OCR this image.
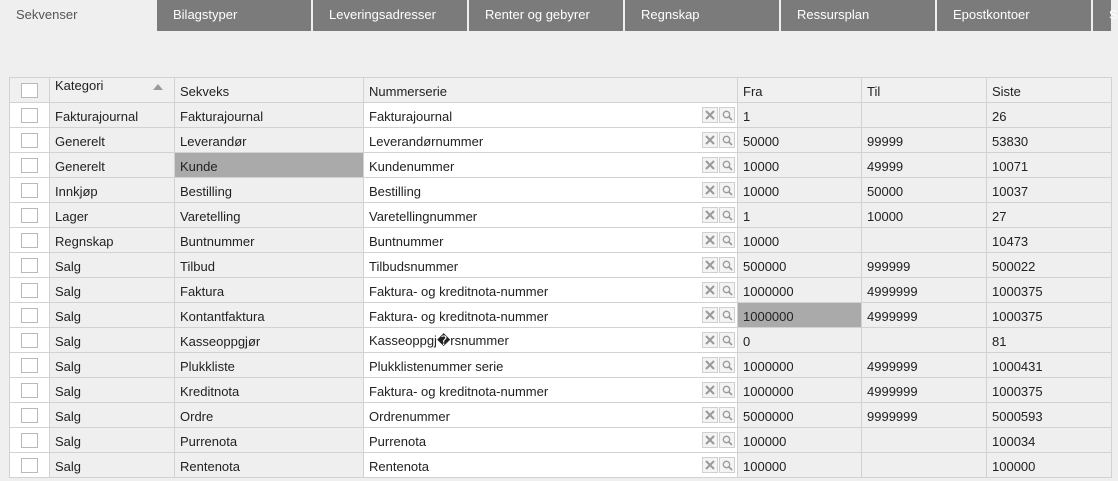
Sekvenser	Bilagstyper	Leveringsadresser	Renter og gebyrer	Regnskap	Ressursplan	Epostkontoer	S

	Kategori	Sekveks	Nummerserie	Fra	Til	Siste
	Fakturajournal	Fakturajournal	Fakturajournal	1		26
	Generelt	Leverandør	Leverandørnummer	50000	99999	53830
	Generelt	Kunde	Kundenummer	10000	49999	10071
	Innkjøp	Bestilling	Bestilling	10000	50000	10037
	Lager	Varetelling	Varetellingnummer	1	10000	27
	Regnskap	Buntnummer	Buntnummer	10000		10473
	Salg	Tilbud	Tilbudsnummer	500000	999999	500022
	Salg	Faktura	Faktura- og kreditnota-nummer	1000000	4999999	1000375
	Salg	Kontantfaktura	Faktura- og kreditnota-nummer	1000000	4999999	1000375
	Salg	Kasseoppgjør	Kasseoppgj�rsnummer	0		81
	Salg	Plukkliste	Plukklistenummer serie	1000000	4999999	1000431
	Salg	Kreditnota	Faktura- og kreditnota-nummer	1000000	4999999	1000375
	Salg	Ordre	Ordrenummer	5000000	9999999	5000593
	Salg	Purrenota	Purrenota	100000		100034
	Salg	Rentenota	Rentenota	100000		100000
